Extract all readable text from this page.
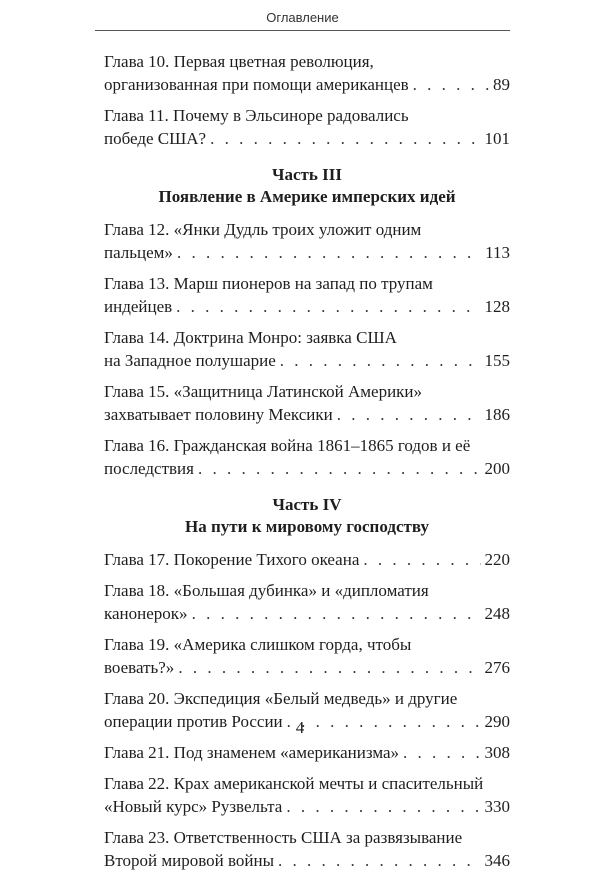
Оглавление
Глава 10. Первая цветная революция,
организованная при помощи американцев . . .	89
Глава 11. Почему в Эльсиноре радовались
победе США? . . .	101
Часть III
Появление в Америке имперских идей
Глава 12. «Янки Дудль троих уложит одним
пальцем» . . .	113
Глава 13. Марш пионеров на запад по трупам
индейцев . . .	128
Глава 14. Доктрина Монро: заявка США
на Западное полушарие . . .	155
Глава 15. «Защитница Латинской Америки»
захватывает половину Мексики . . .	186
Глава 16. Гражданская война 1861–1865 годов и её
последствия . . .	200
Часть IV
На пути к мировому господству
Глава 17. Покорение Тихого океана . . .	220
Глава 18. «Большая дубинка» и «дипломатия
канонерок» . . .	248
Глава 19. «Америка слишком горда, чтобы
воевать?» . . .	276
Глава 20. Экспедиция «Белый медведь» и другие
операции против России . . .	290
Глава 21. Под знаменем «американизма» . . .	308
Глава 22. Крах американской мечты и спасительный
«Новый курс» Рузвельта . . .	330
Глава 23. Ответственность США за развязывание
Второй мировой войны . . .	346
4
